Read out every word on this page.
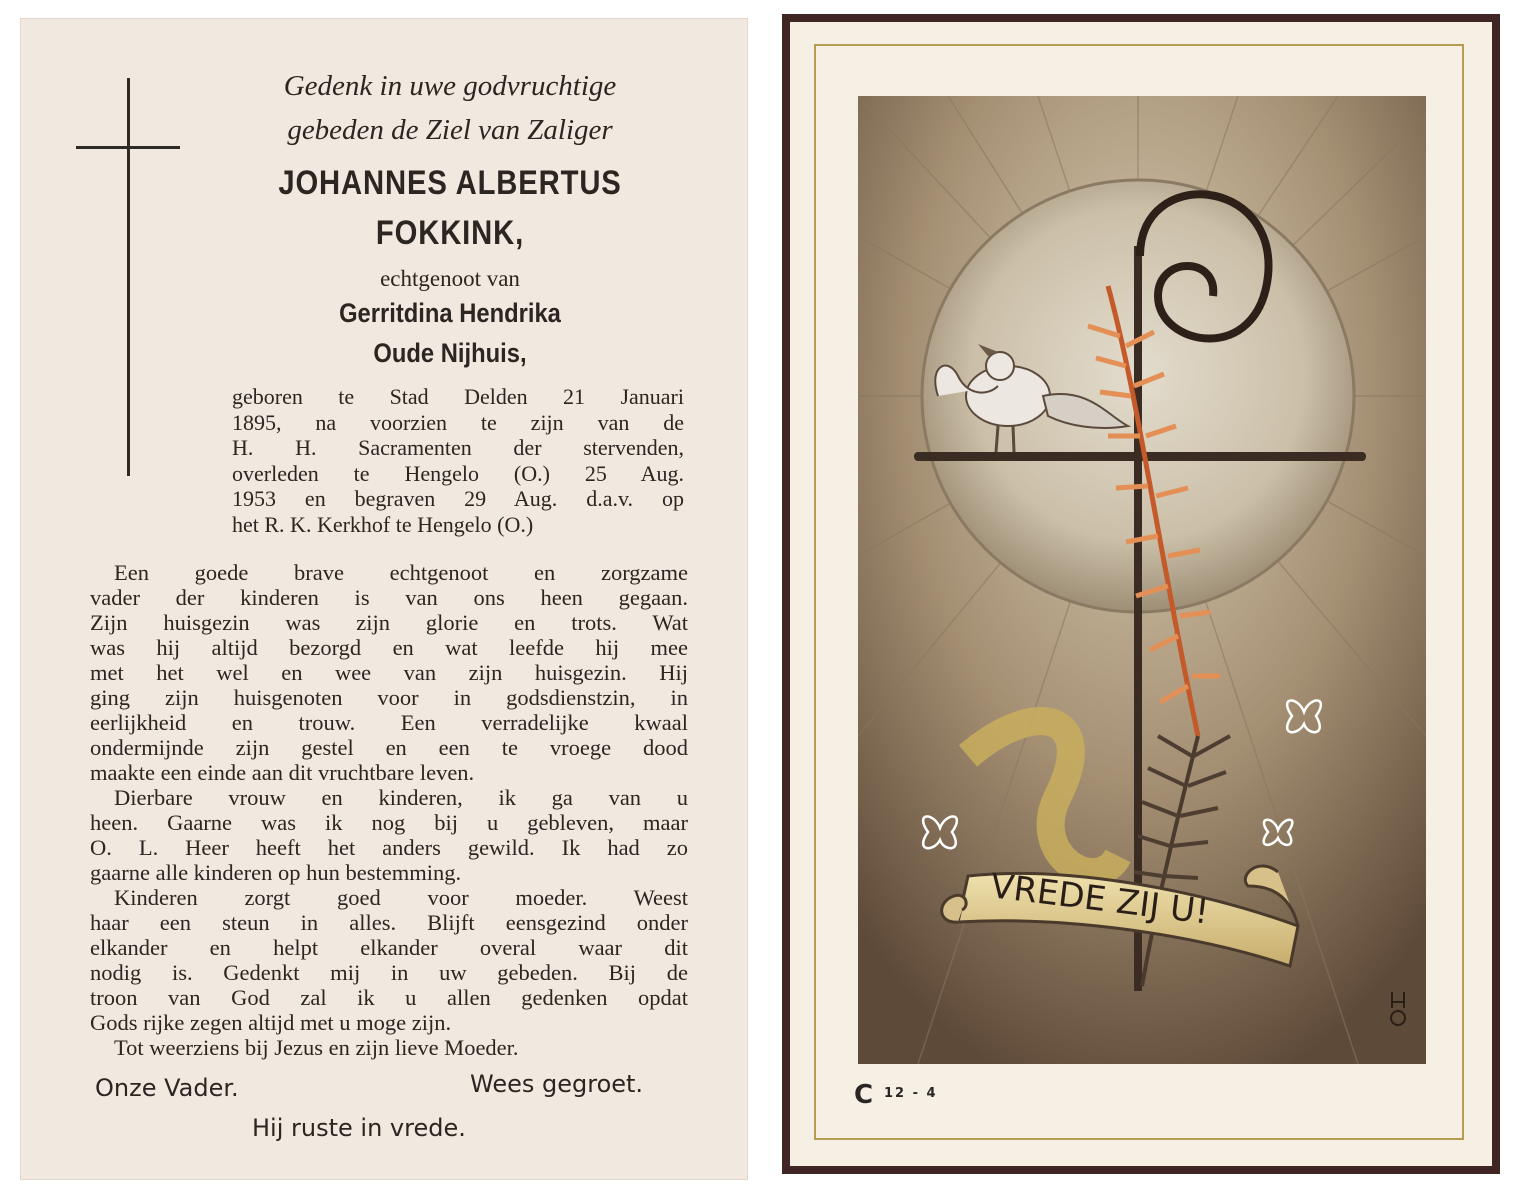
Gedenk in uwe godvruchtige
gebeden de Ziel van Zaliger
JOHANNES ALBERTUS
FOKKINK,
echtgenoot van
Gerritdina Hendrika
Oude Nijhuis,
geboren te Stad Delden 21 Januari
1895, na voorzien te zijn van de
H. H. Sacramenten der stervenden,
overleden te Hengelo (O.) 25 Aug.
1953 en begraven 29 Aug. d.a.v. op
het R. K. Kerkhof te Hengelo (O.)
Een goede brave echtgenoot en zorgzame
vader der kinderen is van ons heen gegaan.
Zijn huisgezin was zijn glorie en trots. Wat
was hij altijd bezorgd en wat leefde hij mee
met het wel en wee van zijn huisgezin. Hij
ging zijn huisgenoten voor in godsdienstzin, in
eerlijkheid en trouw. Een verradelijke kwaal
ondermijnde zijn gestel en een te vroege dood
maakte een einde aan dit vruchtbare leven.
Dierbare vrouw en kinderen, ik ga van u
heen. Gaarne was ik nog bij u gebleven, maar
O. L. Heer heeft het anders gewild. Ik had zo
gaarne alle kinderen op hun bestemming.
Kinderen zorgt goed voor moeder. Weest
haar een steun in alles. Blijft eensgezind onder
elkander en helpt elkander overal waar dit
nodig is. Gedenkt mij in uw gebeden. Bij de
troon van God zal ik u allen gedenken opdat
Gods rijke zegen altijd met u moge zijn.
Tot weerziens bij Jezus en zijn lieve Moeder.
Onze Vader.	Wees gegroet.
Hij ruste in vrede.
VREDE ZIJ U!
C 12 - 4
